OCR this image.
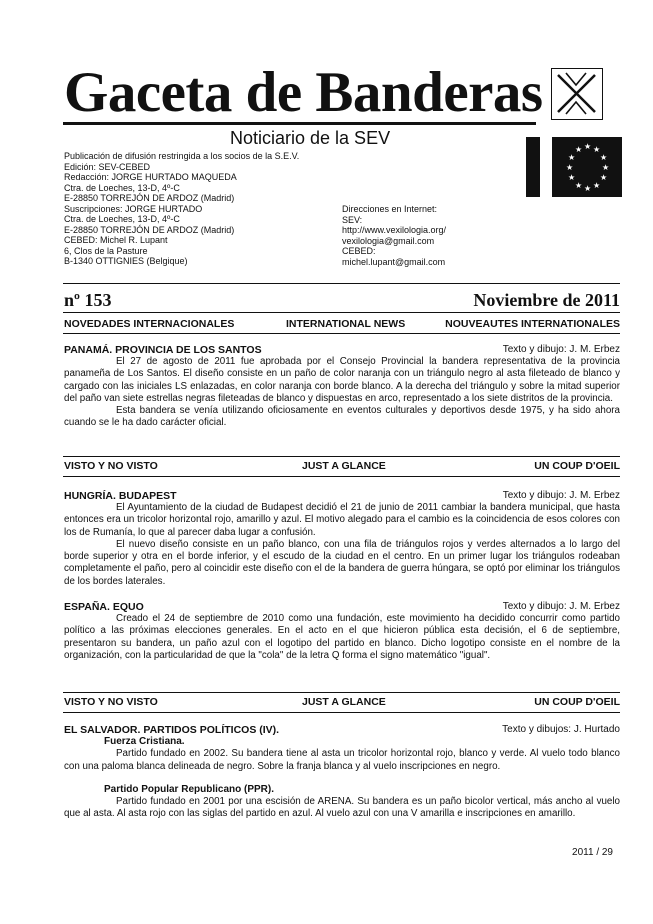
Gaceta de Banderas
Noticiario de la SEV	★ ★
★
★
★
★
★
★
★
★
★
★
Publicación de difusión restringida a los socios de la S.E.V.
Edición: SEV-CEBED
Redacción: JORGE HURTADO MAQUEDA
Ctra. de Loeches, 13-D, 4º-C
E-28850 TORREJÓN DE ARDOZ (Madrid)
Suscripciones: JORGE HURTADO
Ctra. de Loeches, 13-D, 4º-C
E-28850 TORREJÓN DE ARDOZ (Madrid)
CEBED: Michel R. Lupant
6, Clos de la Pasture
B-1340 OTTIGNIES (Belgique)
Direcciones en Internet:
SEV:
http://www.vexilologia.org/
vexilologia@gmail.com
CEBED:
michel.lupant@gmail.com
nº 153	Noviembre de 2011
NOVEDADES INTERNACIONALES	INTERNATIONAL NEWS	NOUVEAUTES INTERNATIONALES
PANAMÁ. PROVINCIA DE LOS SANTOS	Texto y dibujo: J. M. Erbez

El 27 de agosto de 2011 fue aprobada por el Consejo Provincial la bandera representativa de la provincia panameña de Los Santos. El diseño consiste en un paño de color naranja con un triángulo negro al asta fileteado de blanco y cargado con las iniciales LS enlazadas, en color naranja con borde blanco. A la derecha del triángulo y sobre la mitad superior del paño van siete estrellas negras fileteadas de blanco y dispuestas en arco, representado a los siete distritos de la provincia.

Esta bandera se venía utilizando oficiosamente en eventos culturales y deportivos desde 1975, y ha sido ahora cuando se le ha dado carácter oficial.

VISTO Y NO VISTO	JUST A GLANCE	UN COUP D'OEIL
HUNGRÍA. BUDAPEST	Texto y dibujo: J. M. Erbez

El Ayuntamiento de la ciudad de Budapest decidió el 21 de junio de 2011 cambiar la bandera municipal, que hasta entonces era un tricolor horizontal rojo, amarillo y azul. El motivo alegado para el cambio es la coincidencia de esos colores con los de Rumanía, lo que al parecer daba lugar a confusión.

El nuevo diseño consiste en un paño blanco, con una fila de triángulos rojos y verdes alternados a lo largo del borde superior y otra en el borde inferior, y el escudo de la ciudad en el centro. En un primer lugar los triángulos rodeaban completamente el paño, pero al coincidir este diseño con el de la bandera de guerra húngara, se optó por eliminar los triángulos de los bordes laterales.

ESPAÑA. EQUO	Texto y dibujo: J. M. Erbez

Creado el 24 de septiembre de 2010 como una fundación, este movimiento ha decidido concurrir como partido político a las próximas elecciones generales. En el acto en el que hicieron pública esta decisión, el 6 de septiembre, presentaron su bandera, un paño azul con el logotipo del partido en blanco. Dicho logotipo consiste en el nombre de la organización, con la particularidad de que la "cola" de la letra Q forma el signo matemático "igual".

VISTO Y NO VISTO	JUST A GLANCE	UN COUP D'OEIL
EL SALVADOR. PARTIDOS POLÍTICOS (IV).	Texto y dibujos: J. Hurtado
Fuerza Cristiana.

Partido fundado en 2002. Su bandera tiene al asta un tricolor horizontal rojo, blanco y verde. Al vuelo todo blanco con una paloma blanca delineada de negro. Sobre la franja blanca y al vuelo inscripciones en negro.

Partido Popular Republicano (PPR).

Partido fundado en 2001 por una escisión de ARENA. Su bandera es un paño bicolor vertical, más ancho al vuelo que al asta. Al asta rojo con las siglas del partido en azul. Al vuelo azul con una V amarilla e inscripciones en amarillo.

2011 / 29
